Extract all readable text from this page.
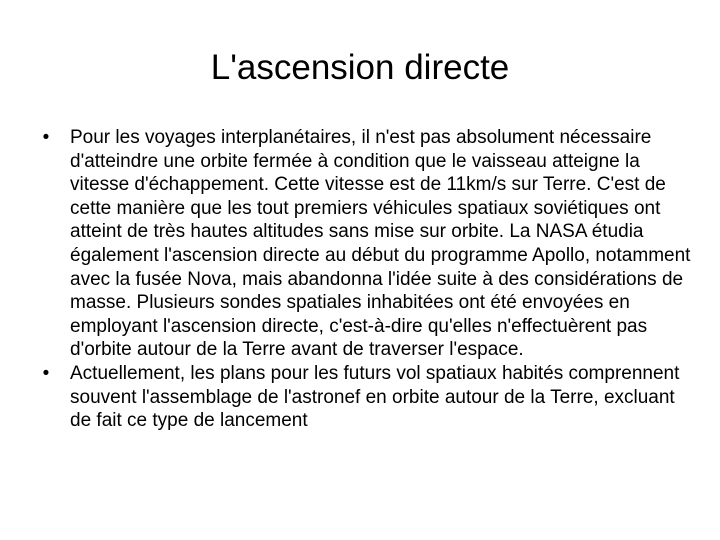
L'ascension directe
•	Pour les voyages interplanétaires, il n'est pas absolument nécessaire d'atteindre une orbite fermée à condition que le vaisseau atteigne la vitesse d'échappement. Cette vitesse est de 11km/s sur Terre. C'est de cette manière que les tout premiers véhicules spatiaux soviétiques ont atteint de très hautes altitudes sans mise sur orbite. La NASA étudia également l'ascension directe au début du programme Apollo, notamment avec la fusée Nova, mais abandonna l'idée suite à des considérations de masse. Plusieurs sondes spatiales inhabitées ont été envoyées en employant l'ascension directe, c'est-à-dire qu'elles n'effectuèrent pas d'orbite autour de la Terre avant de traverser l'espace.
•	Actuellement, les plans pour les futurs vol spatiaux habités comprennent souvent l'assemblage de l'astronef en orbite autour de la Terre, excluant de fait ce type de lancement
